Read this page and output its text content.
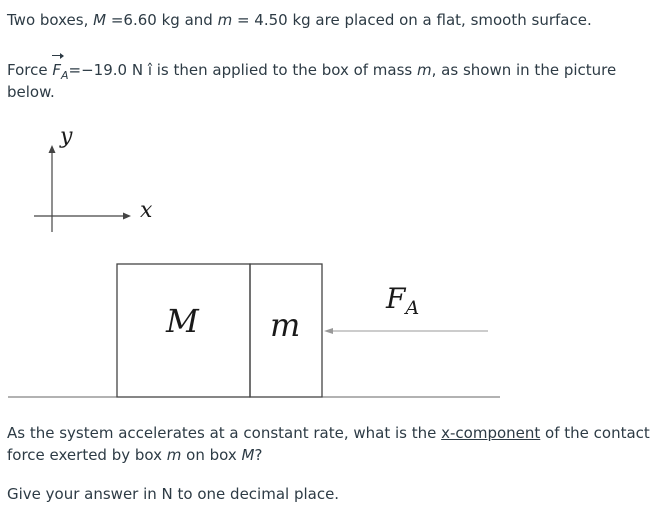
Two boxes, M =6.60 kg and m = 4.50 kg are placed on a flat, smooth surface.
Force $F_A=-19.0$ N î is then applied to the box of mass m, as shown in the picture
below.
y
x
M m
$F_A$
As the system accelerates at a constant rate, what is the x-component of the contact
force exerted by box m on box M?
Give your answer in N to one decimal place.
